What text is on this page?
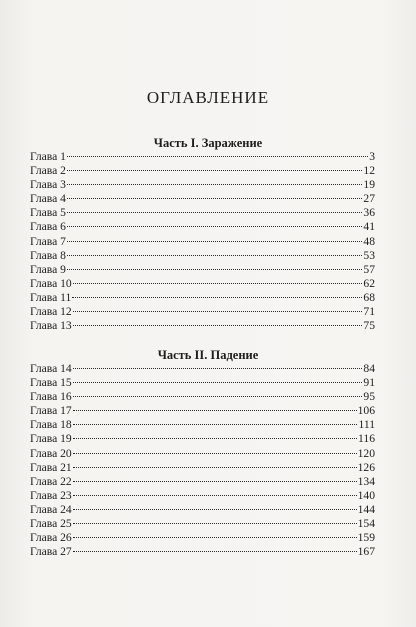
ОГЛАВЛЕНИЕ
Часть I. Заражение
Глава 1	3
Глава 2	12
Глава 3	19
Глава 4	27
Глава 5	36
Глава 6	41
Глава 7	48
Глава 8	53
Глава 9	57
Глава 10	62
Глава 11	68
Глава 12	71
Глава 13	75
Часть II. Падение
Глава 14	84
Глава 15	91
Глава 16	95
Глава 17	106
Глава 18	111
Глава 19	116
Глава 20	120
Глава 21	126
Глава 22	134
Глава 23	140
Глава 24	144
Глава 25	154
Глава 26	159
Глава 27	167
